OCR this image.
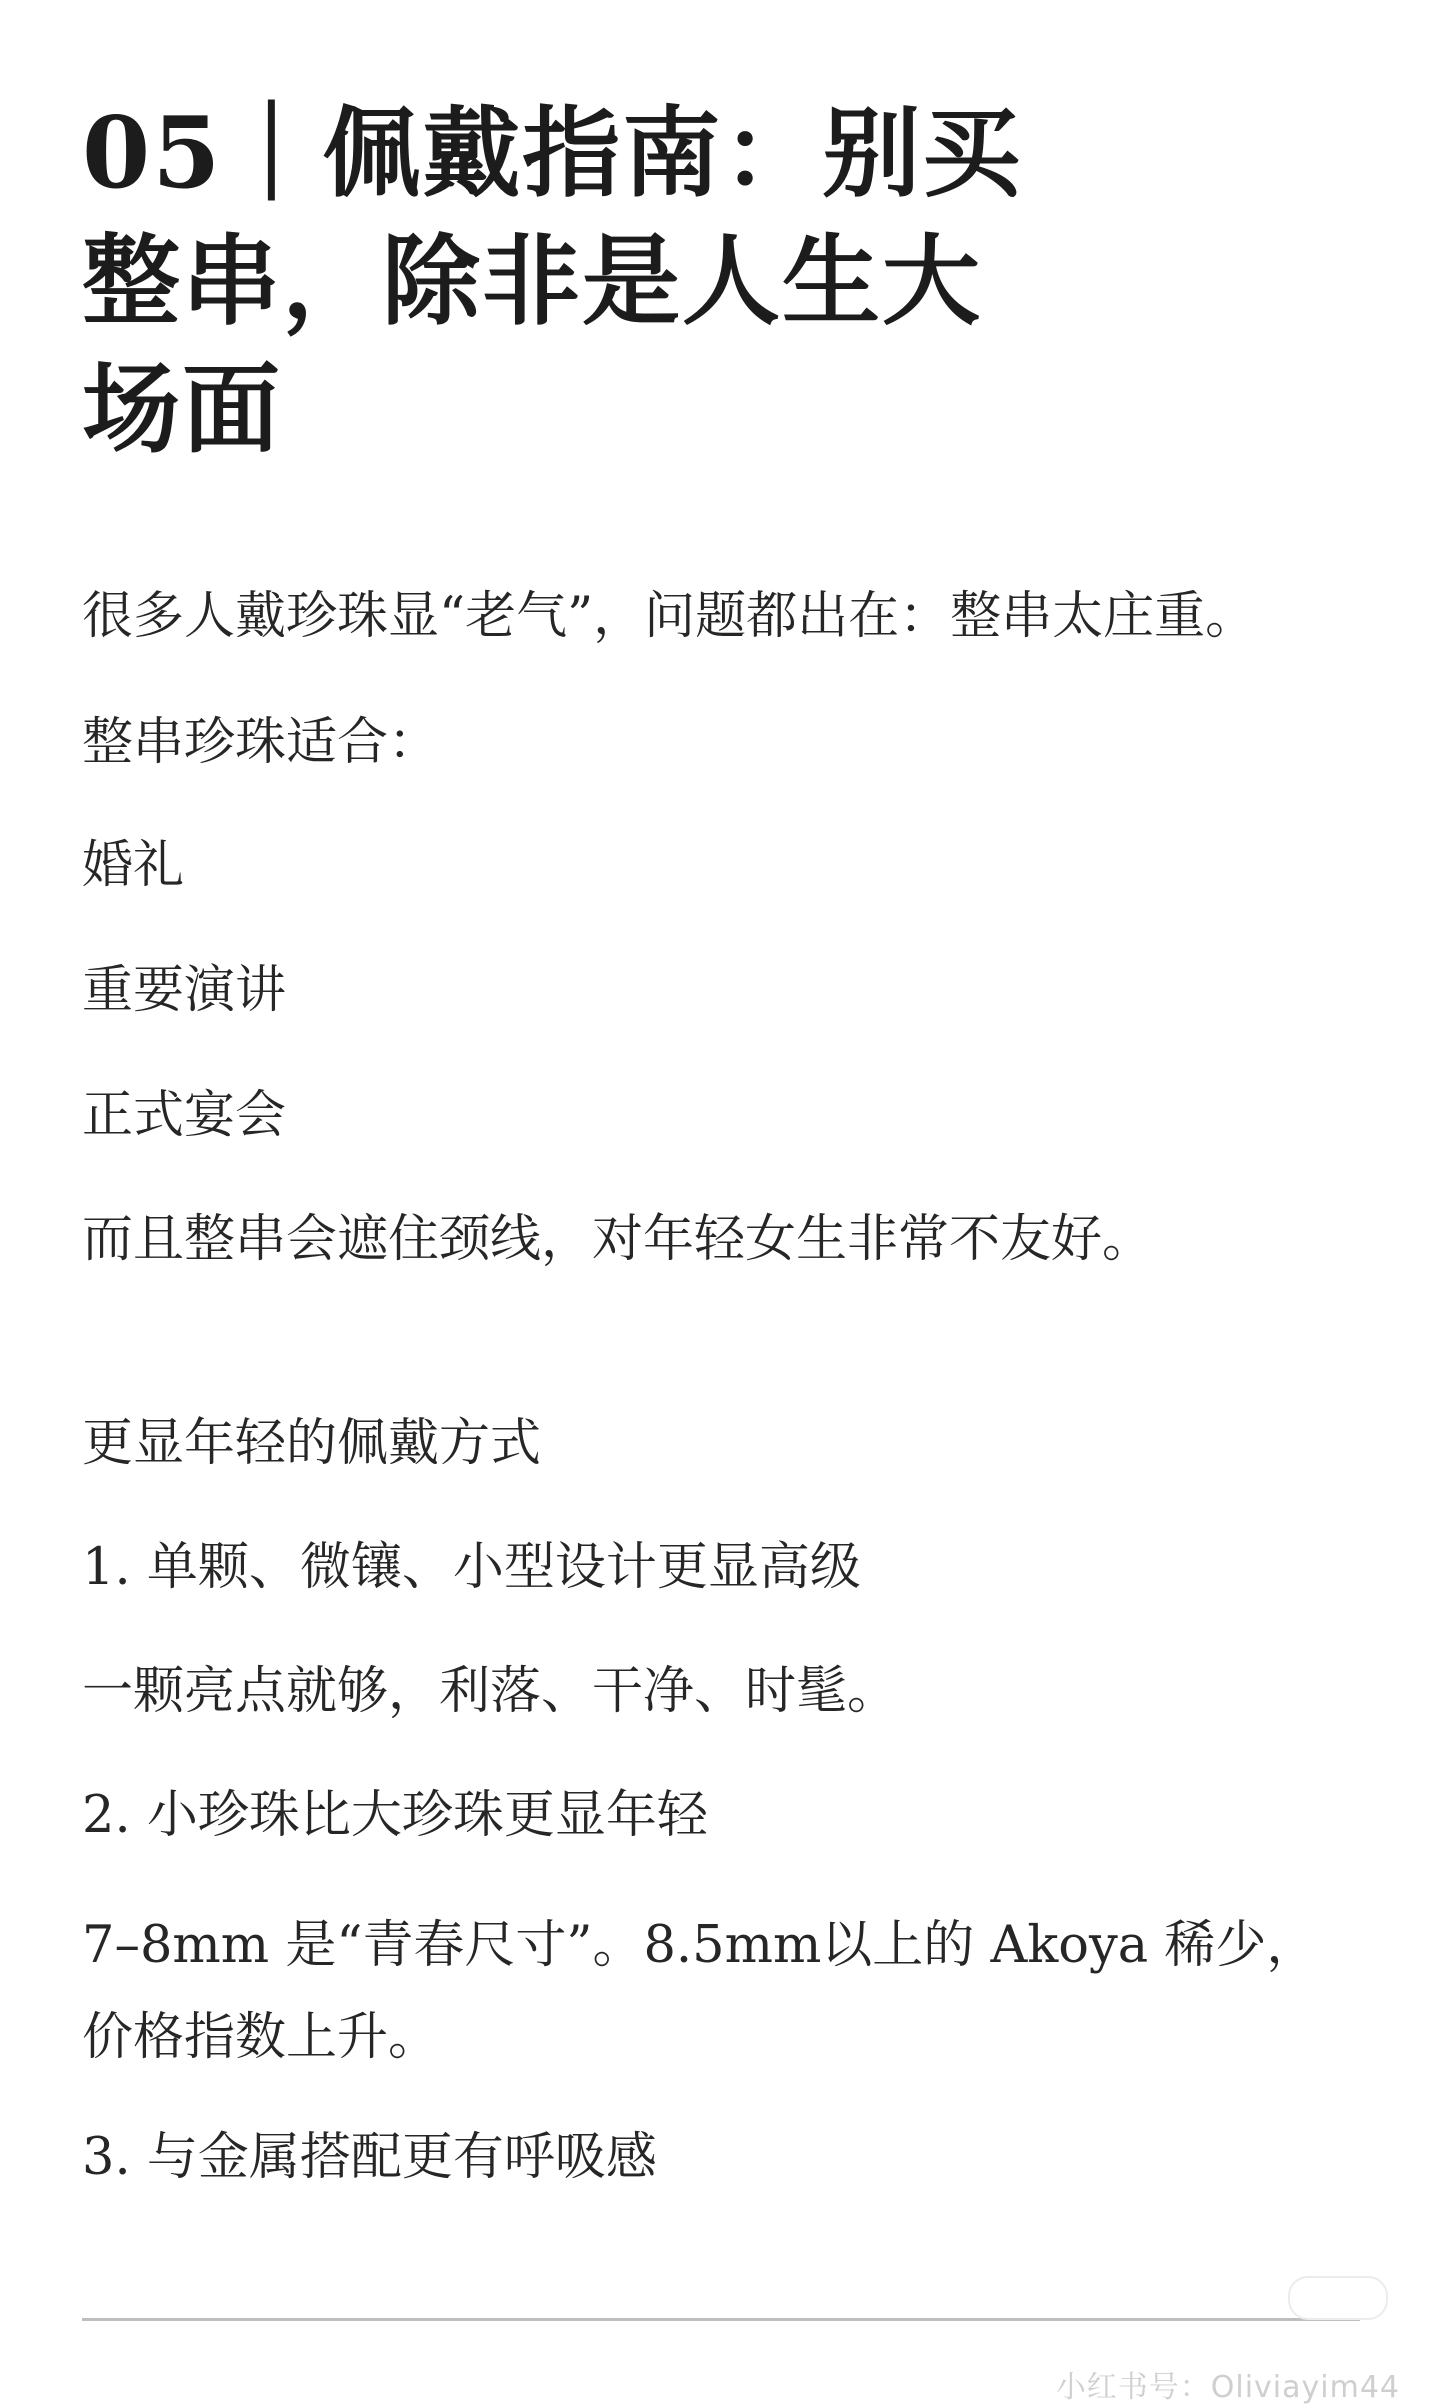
05｜佩戴指南：别买整串，除非是人生大场面

很多人戴珍珠显“老气”，问题都出在：整串太庄重。

整串珍珠适合：

婚礼

重要演讲

正式宴会

而且整串会遮住颈线，对年轻女生非常不友好。

更显年轻的佩戴方式

1. 单颗、微镶、小型设计更显高级

一颗亮点就够，利落、干净、时髦。

2. 小珍珠比大珍珠更显年轻

7–8mm 是“青春尺寸”。8.5mm以上的 Akoya 稀少，价格指数上升。

3. 与金属搭配更有呼吸感

小红书号：Oliviayim44
